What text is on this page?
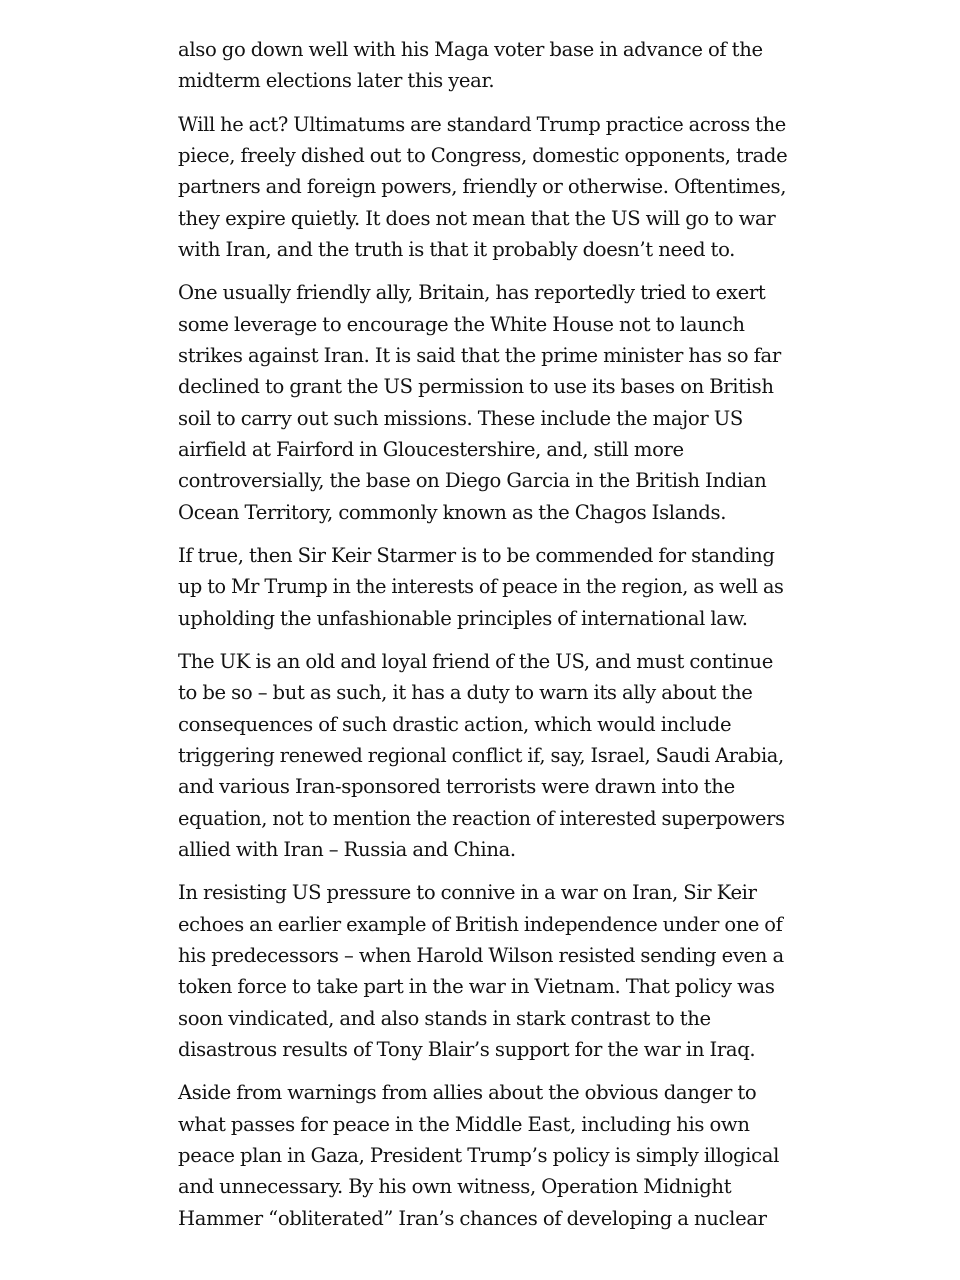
also go down well with his Maga voter base in advance of the
midterm elections later this year.

Will he act? Ultimatums are standard Trump practice across the
piece, freely dished out to Congress, domestic opponents, trade
partners and foreign powers, friendly or otherwise. Oftentimes,
they expire quietly. It does not mean that the US will go to war
with Iran, and the truth is that it probably doesn’t need to.

One usually friendly ally, Britain, has reportedly tried to exert
some leverage to encourage the White House not to launch
strikes against Iran. It is said that the prime minister has so far
declined to grant the US permission to use its bases on British
soil to carry out such missions. These include the major US
airfield at Fairford in Gloucestershire, and, still more
controversially, the base on Diego Garcia in the British Indian
Ocean Territory, commonly known as the Chagos Islands.

If true, then Sir Keir Starmer is to be commended for standing
up to Mr Trump in the interests of peace in the region, as well as
upholding the unfashionable principles of international law.

The UK is an old and loyal friend of the US, and must continue
to be so – but as such, it has a duty to warn its ally about the
consequences of such drastic action, which would include
triggering renewed regional conflict if, say, Israel, Saudi Arabia,
and various Iran-sponsored terrorists were drawn into the
equation, not to mention the reaction of interested superpowers
allied with Iran – Russia and China.

In resisting US pressure to connive in a war on Iran, Sir Keir
echoes an earlier example of British independence under one of
his predecessors – when Harold Wilson resisted sending even a
token force to take part in the war in Vietnam. That policy was
soon vindicated, and also stands in stark contrast to the
disastrous results of Tony Blair’s support for the war in Iraq.

Aside from warnings from allies about the obvious danger to
what passes for peace in the Middle East, including his own
peace plan in Gaza, President Trump’s policy is simply illogical
and unnecessary. By his own witness, Operation Midnight
Hammer “obliterated” Iran’s chances of developing a nuclear
